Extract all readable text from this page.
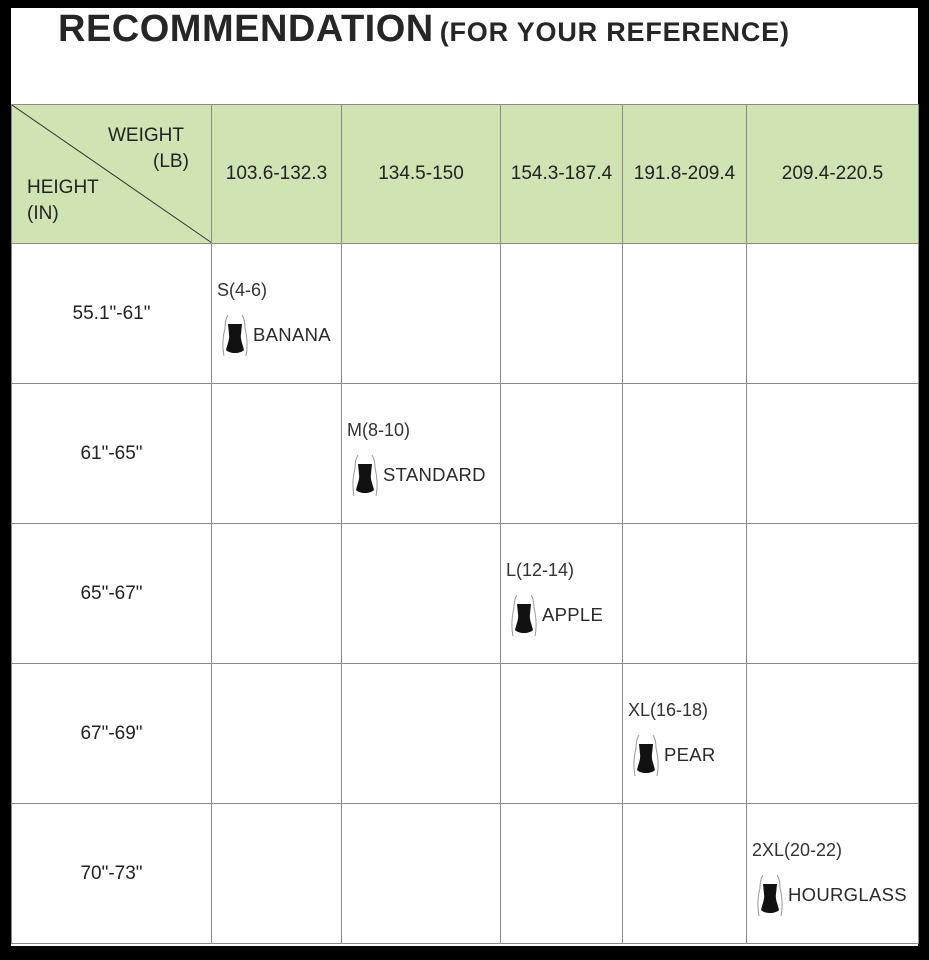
RECOMMENDATION (FOR YOUR REFERENCE)
WEIGHT
(LB)
HEIGHT
(IN)	103.6-132.3	134.5-150	154.3-187.4	191.8-209.4	209.4-220.5
55.1"-61"	S(4-6)
BANANA				

61"-65"		M(8-10)
STANDARD			

65"-67"			L(12-14)
APPLE		

67"-69"				XL(16-18)
PEAR	

70"-73"					2XL(20-22)
HOURGLASS
